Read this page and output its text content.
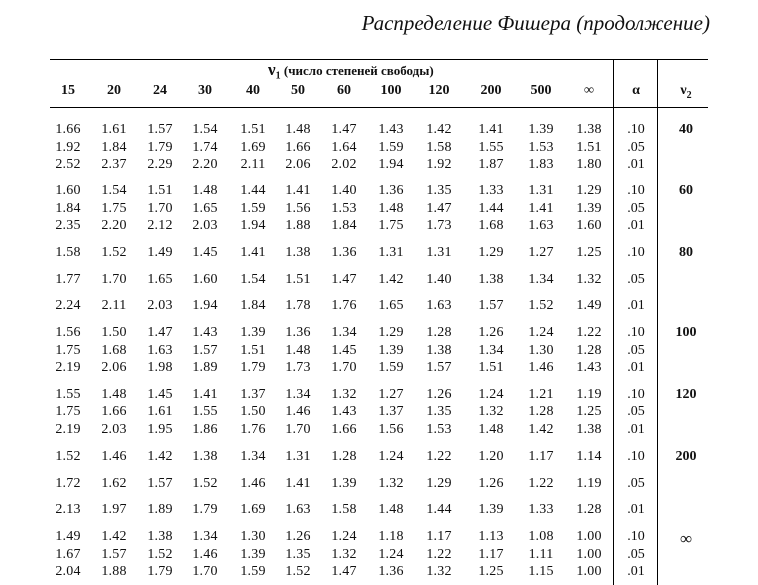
Распределение Фишера (продолжение)
$\nu_1$ (число степеней свободы)
15 20 24 30 40 50 60 100 120 200 500 ∞	α	$\nu_2$
1.66 1.61 1.57 1.54 1.51 1.48 1.47 1.43 1.42 1.41 1.39 1.38 .10 40
1.92 1.84 1.79 1.74 1.69 1.66 1.64 1.59 1.58 1.55 1.53 1.51 .05
2.52 2.37 2.29 2.20 2.11 2.06 2.02 1.94 1.92 1.87 1.83 1.80 .01
1.60 1.54 1.51 1.48 1.44 1.41 1.40 1.36 1.35 1.33 1.31 1.29 .10 60
1.84 1.75 1.70 1.65 1.59 1.56 1.53 1.48 1.47 1.44 1.41 1.39 .05
2.35 2.20 2.12 2.03 1.94 1.88 1.84 1.75 1.73 1.68 1.63 1.60 .01
1.58 1.52 1.49 1.45 1.41 1.38 1.36 1.31 1.31 1.29 1.27 1.25 .10 80
1.77 1.70 1.65 1.60 1.54 1.51 1.47 1.42 1.40 1.38 1.34 1.32 .05
2.24 2.11 2.03 1.94 1.84 1.78 1.76 1.65 1.63 1.57 1.52 1.49 .01
1.56 1.50 1.47 1.43 1.39 1.36 1.34 1.29 1.28 1.26 1.24 1.22 .10 100
1.75 1.68 1.63 1.57 1.51 1.48 1.45 1.39 1.38 1.34 1.30 1.28 .05
2.19 2.06 1.98 1.89 1.79 1.73 1.70 1.59 1.57 1.51 1.46 1.43 .01
1.55 1.48 1.45 1.41 1.37 1.34 1.32 1.27 1.26 1.24 1.21 1.19 .10 120
1.75 1.66 1.61 1.55 1.50 1.46 1.43 1.37 1.35 1.32 1.28 1.25 .05
2.19 2.03 1.95 1.86 1.76 1.70 1.66 1.56 1.53 1.48 1.42 1.38 .01
1.52 1.46 1.42 1.38 1.34 1.31 1.28 1.24 1.22 1.20 1.17 1.14 .10 200
1.72 1.62 1.57 1.52 1.46 1.41 1.39 1.32 1.29 1.26 1.22 1.19 .05
2.13 1.97 1.89 1.79 1.69 1.63 1.58 1.48 1.44 1.39 1.33 1.28 .01
1.49 1.42 1.38 1.34 1.30 1.26 1.24 1.18 1.17 1.13 1.08 1.00 .10 ∞
1.67 1.57 1.52 1.46 1.39 1.35 1.32 1.24 1.22 1.17 1.11 1.00 .05
2.04 1.88 1.79 1.70 1.59 1.52 1.47 1.36 1.32 1.25 1.15 1.00 .01
